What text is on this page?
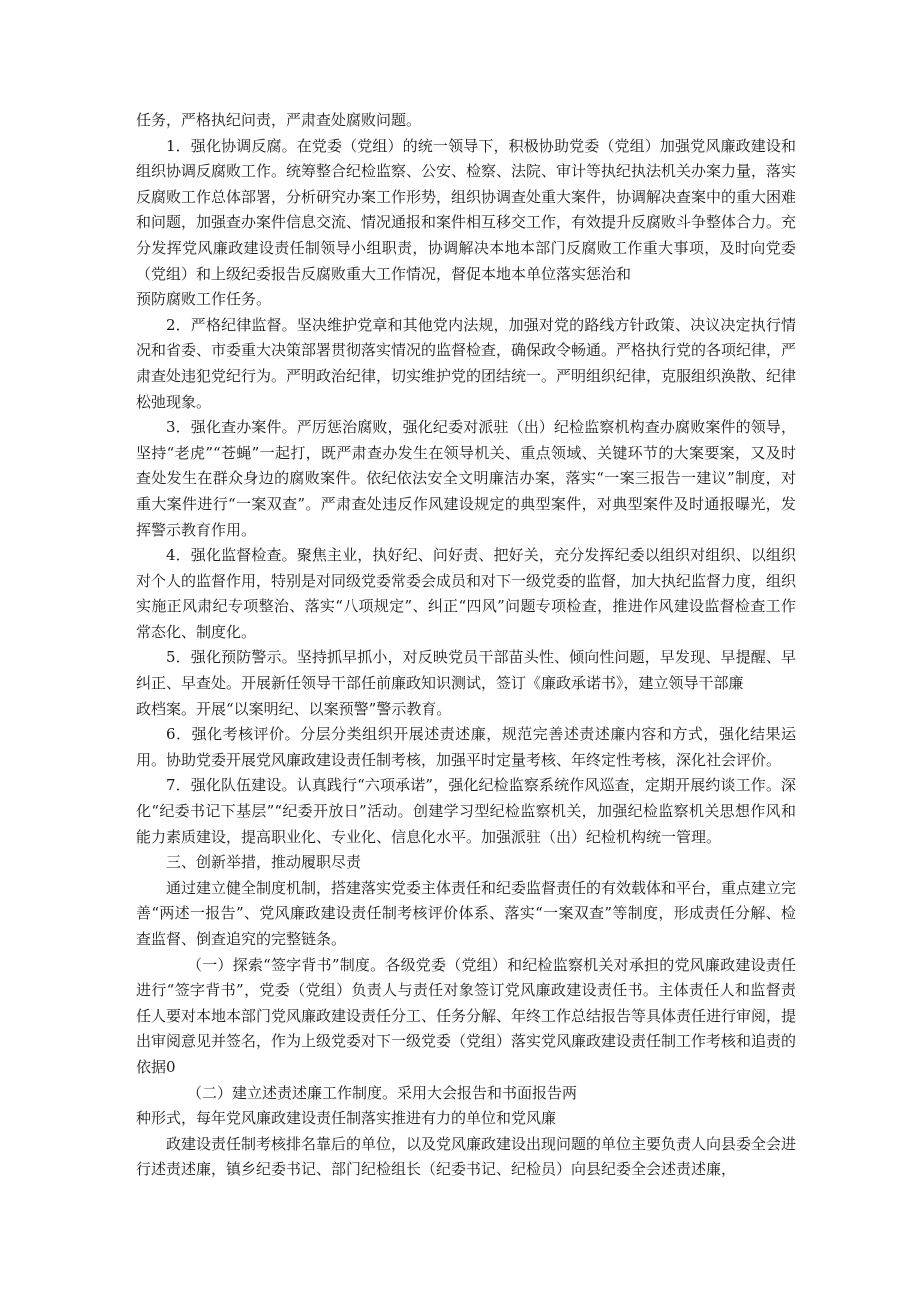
任务，严格执纪问责，严肃查处腐败问题。

1．强化协调反腐。在党委（党组）的统一领导下，积极协助党委（党组）加强党风廉政建设和组织协调反腐败工作。统筹整合纪检监察、公安、检察、法院、审计等执纪执法机关办案力量，落实反腐败工作总体部署，分析研究办案工作形势，组织协调查处重大案件，协调解决查案中的重大困难和问题，加强查办案件信息交流、情况通报和案件相互移交工作，有效提升反腐败斗争整体合力。充分发挥党风廉政建设责任制领导小组职责，协调解决本地本部门反腐败工作重大事项，及时向党委（党组）和上级纪委报告反腐败重大工作情况，督促本地本单位落实惩治和

预防腐败工作任务。

2．严格纪律监督。坚决维护党章和其他党内法规，加强对党的路线方针政策、决议决定执行情况和省委、市委重大决策部署贯彻落实情况的监督检查，确保政令畅通。严格执行党的各项纪律，严肃查处违犯党纪行为。严明政治纪律，切实维护党的团结统一。严明组织纪律，克服组织涣散、纪律松弛现象。

3．强化查办案件。严厉惩治腐败，强化纪委对派驻（出）纪检监察机构查办腐败案件的领导，坚持“老虎”“苍蝇”一起打，既严肃查办发生在领导机关、重点领域、关键环节的大案要案，又及时查处发生在群众身边的腐败案件。依纪依法安全文明廉洁办案，落实“一案三报告一建议”制度，对重大案件进行“一案双查”。严肃查处违反作风建设规定的典型案件，对典型案件及时通报曝光，发挥警示教育作用。

4．强化监督检查。聚焦主业，执好纪、问好责、把好关，充分发挥纪委以组织对组织、以组织对个人的监督作用，特别是对同级党委常委会成员和对下一级党委的监督，加大执纪监督力度，组织实施正风肃纪专项整治、落实“八项规定”、纠正“四风”问题专项检查，推进作风建设监督检查工作常态化、制度化。

5．强化预防警示。坚持抓早抓小，对反映党员干部苗头性、倾向性问题，早发现、早提醒、早纠正、早查处。开展新任领导干部任前廉政知识测试，签订《廉政承诺书》，建立领导干部廉

政档案。开展“以案明纪、以案预警”警示教育。

6．强化考核评价。分层分类组织开展述责述廉，规范完善述责述廉内容和方式，强化结果运用。协助党委开展党风廉政建设责任制考核，加强平时定量考核、年终定性考核，深化社会评价。

7．强化队伍建设。认真践行“六项承诺”，强化纪检监察系统作风巡查，定期开展约谈工作。深化“纪委书记下基层”“纪委开放日”活动。创建学习型纪检监察机关，加强纪检监察机关思想作风和能力素质建设，提高职业化、专业化、信息化水平。加强派驻（出）纪检机构统一管理。

三、创新举措，推动履职尽责

通过建立健全制度机制，搭建落实党委主体责任和纪委监督责任的有效载体和平台，重点建立完善“两述一报告”、党风廉政建设责任制考核评价体系、落实“一案双查”等制度，形成责任分解、检查监督、倒查追究的完整链条。

（一）探索“签字背书”制度。各级党委（党组）和纪检监察机关对承担的党风廉政建设责任进行“签字背书”，党委（党组）负责人与责任对象签订党风廉政建设责任书。主体责任人和监督责任人要对本地本部门党风廉政建设责任分工、任务分解、年终工作总结报告等具体责任进行审阅，提出审阅意见并签名，作为上级党委对下一级党委（党组）落实党风廉政建设责任制工作考核和追责的依据0

（二）建立述责述廉工作制度。采用大会报告和书面报告两

种形式，每年党风廉政建设责任制落实推进有力的单位和党风廉

政建设责任制考核排名靠后的单位，以及党风廉政建设出现问题的单位主要负责人向县委全会进行述责述廉，镇乡纪委书记、部门纪检组长（纪委书记、纪检员）向县纪委全会述责述廉，
